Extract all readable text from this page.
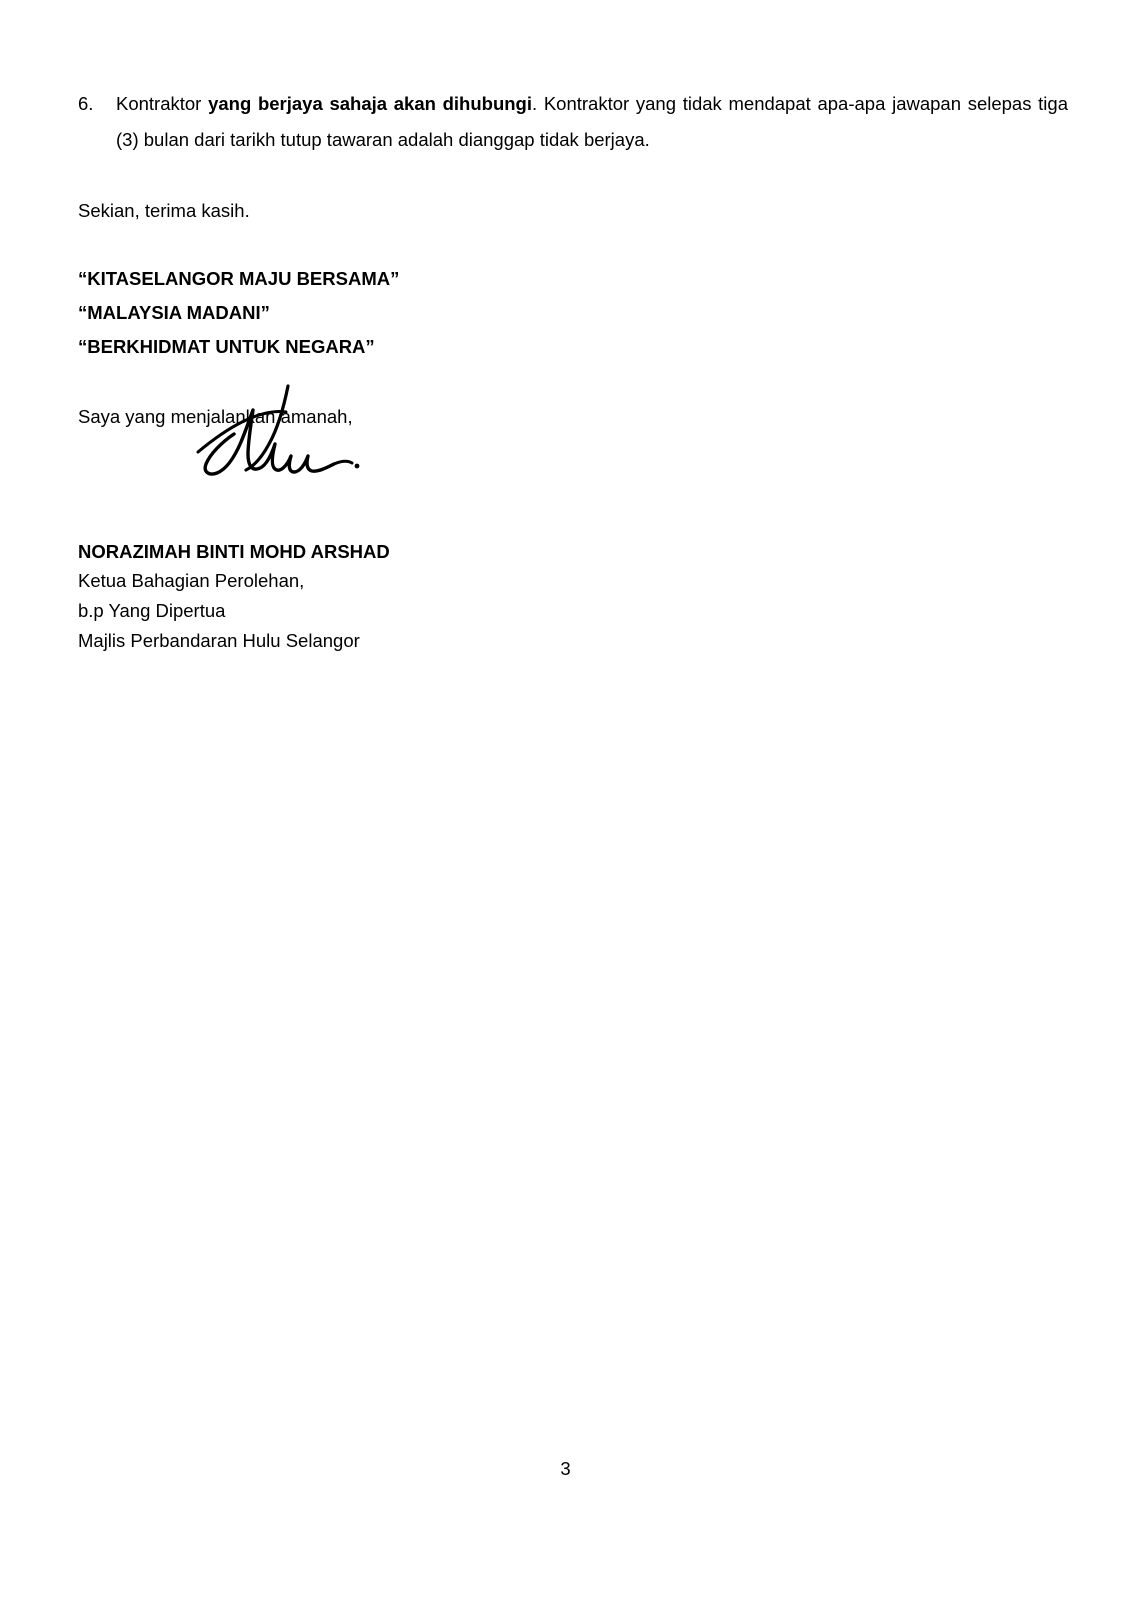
6.	Kontraktor yang berjaya sahaja akan dihubungi. Kontraktor yang tidak mendapat apa-apa jawapan selepas tiga (3) bulan dari tarikh tutup tawaran adalah dianggap tidak berjaya.
Sekian, terima kasih.
“KITASELANGOR MAJU BERSAMA”
“MALAYSIA MADANI”
“BERKHIDMAT UNTUK NEGARA”
Saya yang menjalankan amanah,
NORAZIMAH BINTI MOHD ARSHAD
Ketua Bahagian Perolehan,
b.p Yang Dipertua
Majlis Perbandaran Hulu Selangor
3
